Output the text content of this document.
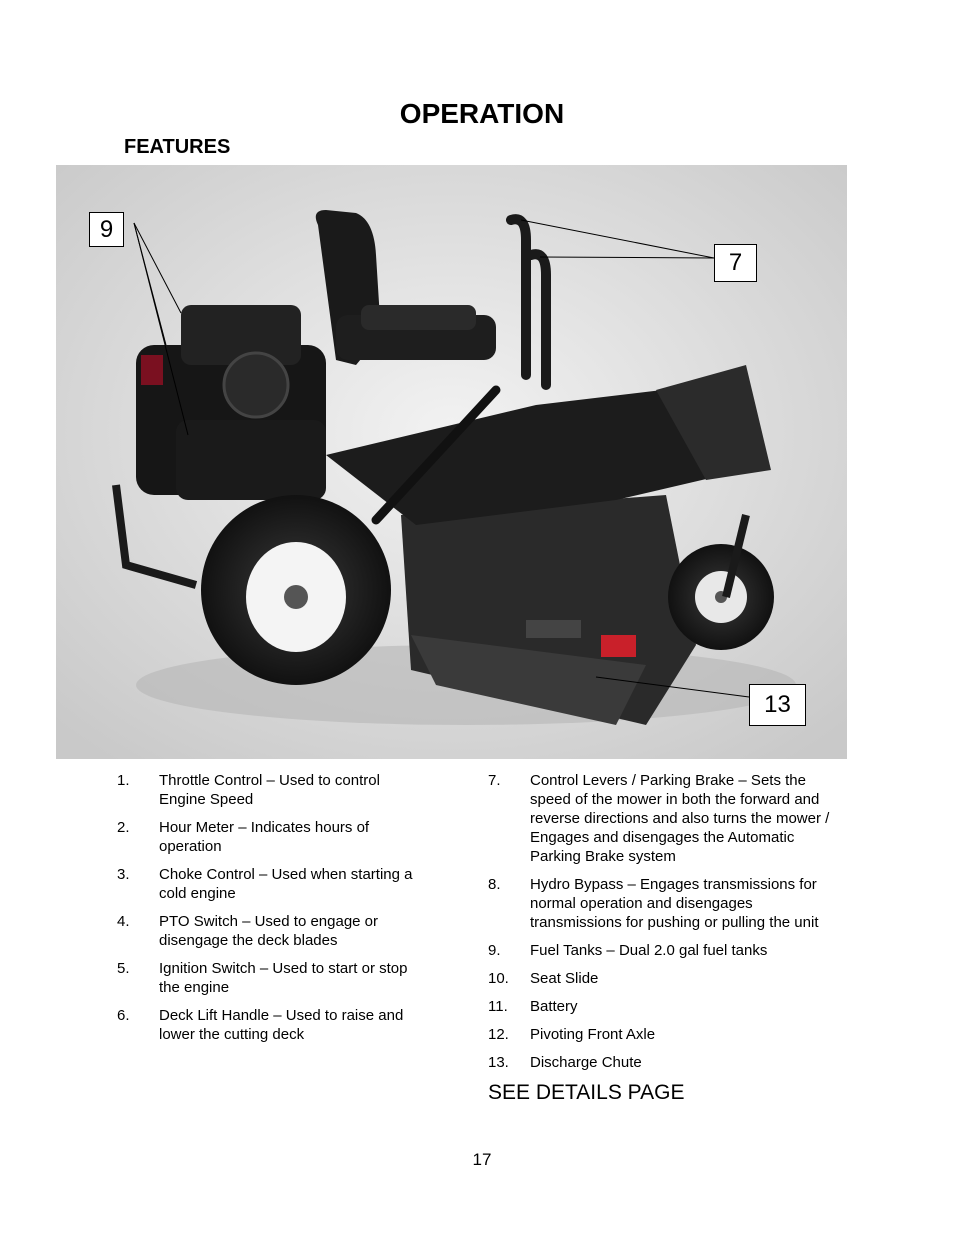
OPERATION
FEATURES
9
7
13
1. Throttle Control – Used to control Engine Speed
2. Hour Meter – Indicates hours of operation
3. Choke Control – Used when starting a cold engine
4. PTO Switch – Used to engage or disengage the deck blades
5. Ignition Switch – Used to start or stop the engine
6. Deck Lift Handle – Used to raise and lower the cutting deck
7. Control Levers / Parking Brake – Sets the speed of the mower in both the forward and reverse directions and also turns the mower / Engages and disengages the Automatic Parking Brake system
8. Hydro Bypass – Engages transmissions for normal operation and disengages transmissions for pushing or pulling the unit
9. Fuel Tanks – Dual 2.0 gal fuel tanks
10. Seat Slide
11. Battery
12. Pivoting Front Axle
13. Discharge Chute

SEE DETAILS PAGE

17
